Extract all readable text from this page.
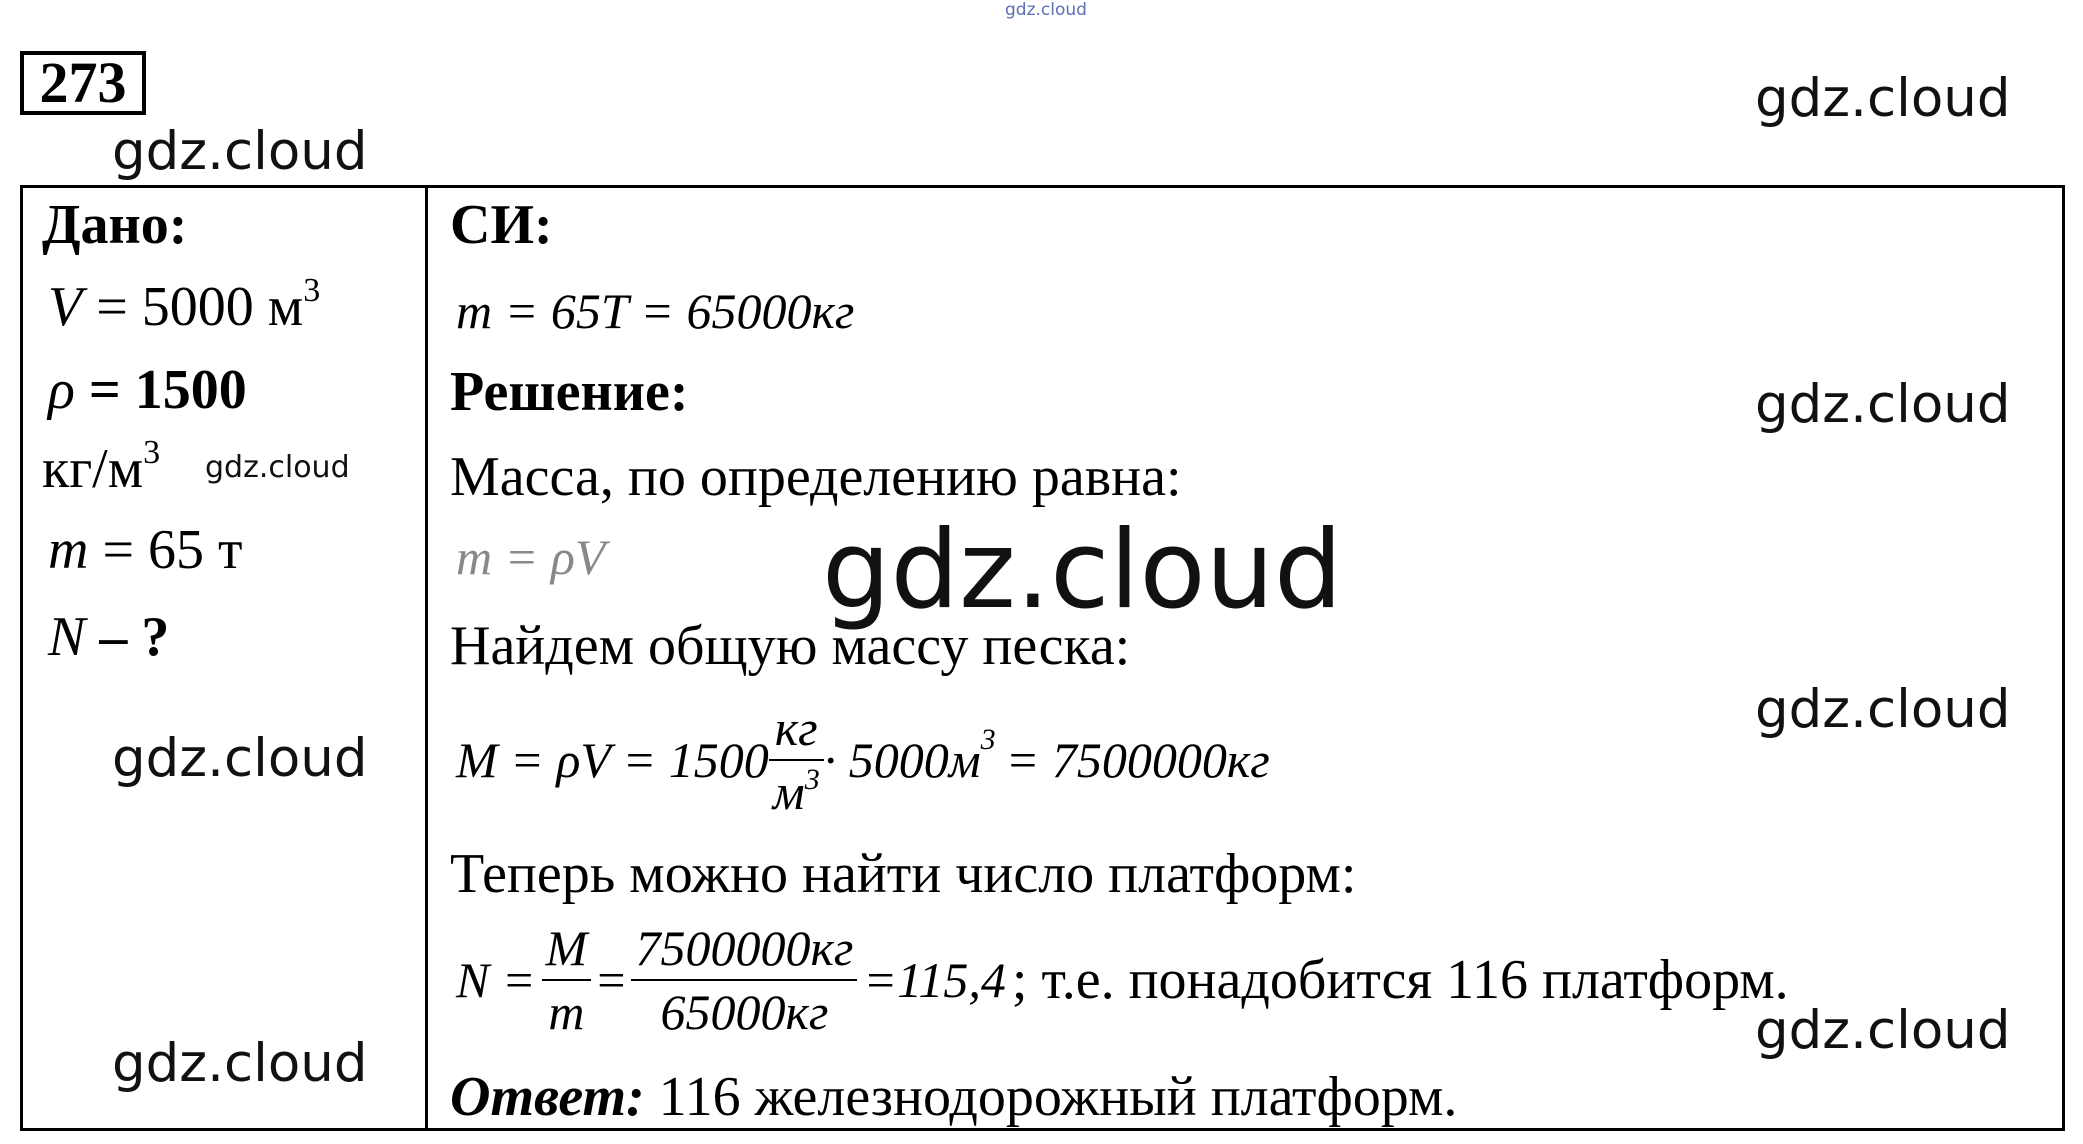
gdz.cloud
gdz.cloud
gdz.cloud
273
Дано:
V = 5000 $м^3$
ρ = 1500
$кг/м^3$ gdz.cloud
m = 65 т
N – ?
gdz.cloud
gdz.cloud
СИ:
m = 65T = 65000кг
Решение:	gdz.cloud
Масса, по определению равна:
m = ρV gdz.cloud
Найдем общую массу песка:
gdz.cloud
$M = \rho V = 1500 \frac{кг}{м^3} \cdot 5000м$ 3 = 7500000кг
Теперь можно найти число платформ:
$N = \frac{M}{m} = \frac{7500000кг}{65000кг} =115,4$ ; т.е. понадобится 116 платформ.
gdz.cloud
Ответ: 116 железнодорожный платформ.
